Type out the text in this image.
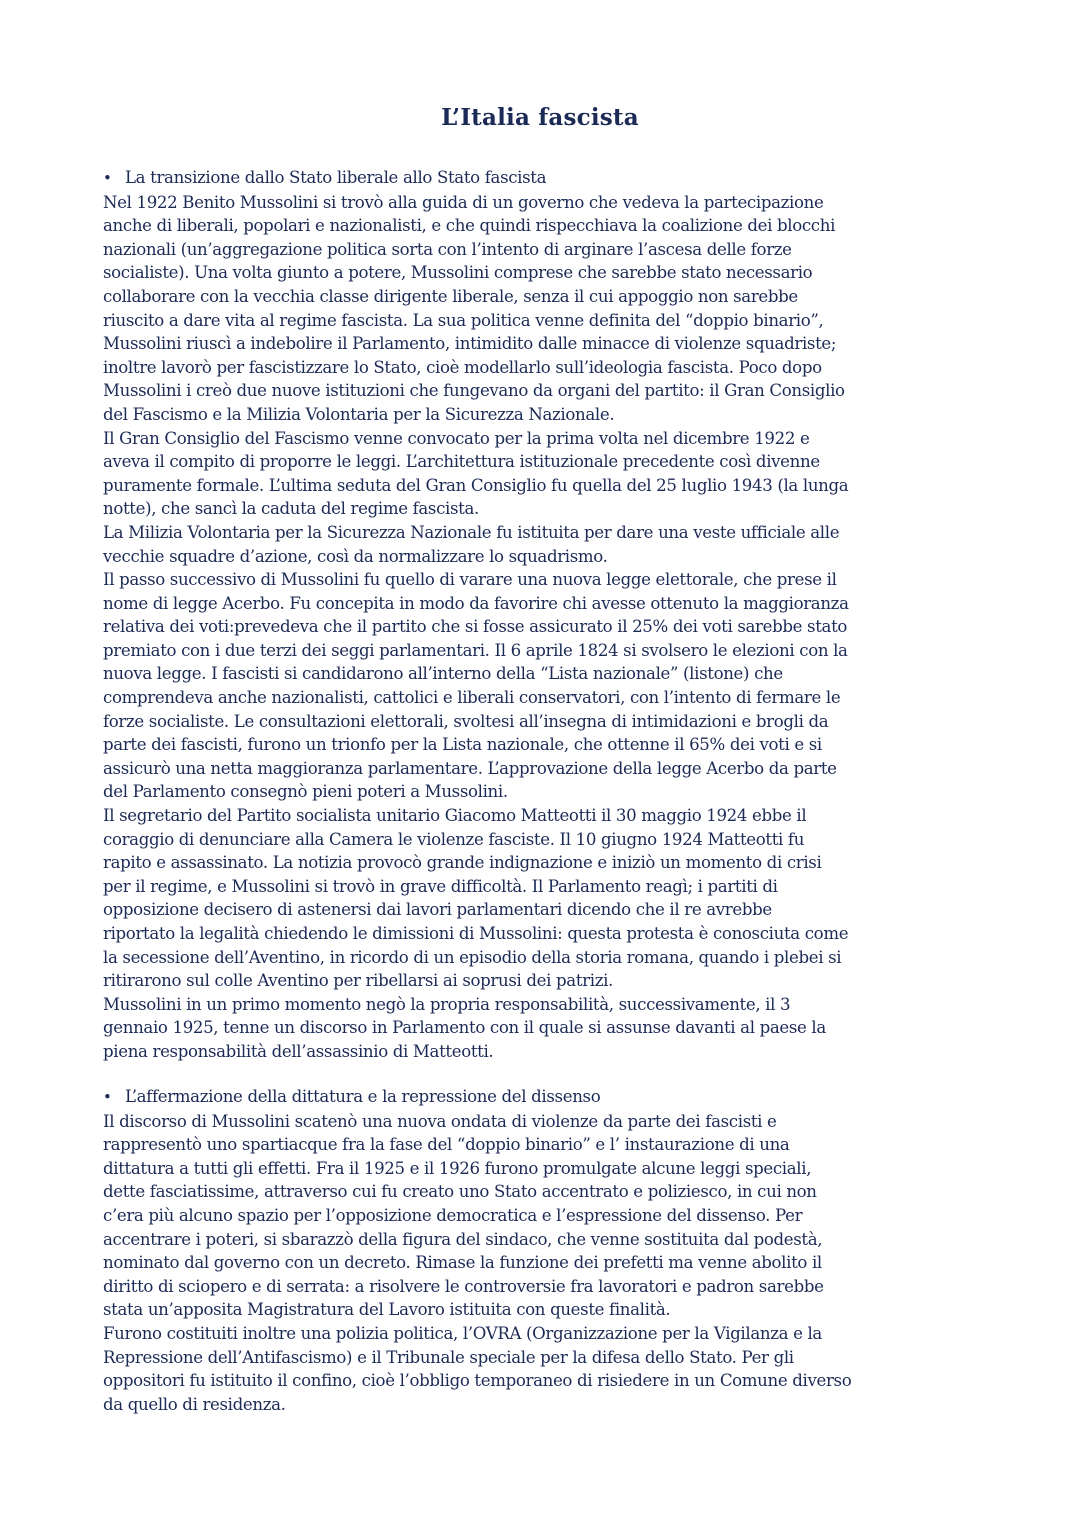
L’Italia fascista

• La transizione dallo Stato liberale allo Stato fascista

Nel 1922 Benito Mussolini si trovò alla guida di un governo che vedeva la partecipazione
anche di liberali, popolari e nazionalisti, e che quindi rispecchiava la coalizione dei blocchi
nazionali (un’aggregazione politica sorta con l’intento di arginare l’ascesa delle forze
socialiste). Una volta giunto a potere, Mussolini comprese che sarebbe stato necessario
collaborare con la vecchia classe dirigente liberale, senza il cui appoggio non sarebbe
riuscito a dare vita al regime fascista. La sua politica venne definita del “doppio binario”,
Mussolini riuscì a indebolire il Parlamento, intimidito dalle minacce di violenze squadriste;
inoltre lavorò per fascistizzare lo Stato, cioè modellarlo sull’ideologia fascista. Poco dopo
Mussolini i creò due nuove istituzioni che fungevano da organi del partito: il Gran Consiglio
del Fascismo e la Milizia Volontaria per la Sicurezza Nazionale.

Il Gran Consiglio del Fascismo venne convocato per la prima volta nel dicembre 1922 e
aveva il compito di proporre le leggi. L’architettura istituzionale precedente così divenne
puramente formale. L’ultima seduta del Gran Consiglio fu quella del 25 luglio 1943 (la lunga
notte), che sancì la caduta del regime fascista.

La Milizia Volontaria per la Sicurezza Nazionale fu istituita per dare una veste ufficiale alle
vecchie squadre d’azione, così da normalizzare lo squadrismo.

Il passo successivo di Mussolini fu quello di varare una nuova legge elettorale, che prese il
nome di legge Acerbo. Fu concepita in modo da favorire chi avesse ottenuto la maggioranza
relativa dei voti:prevedeva che il partito che si fosse assicurato il 25% dei voti sarebbe stato
premiato con i due terzi dei seggi parlamentari. Il 6 aprile 1824 si svolsero le elezioni con la
nuova legge. I fascisti si candidarono all’interno della “Lista nazionale” (listone) che
comprendeva anche nazionalisti, cattolici e liberali conservatori, con l’intento di fermare le
forze socialiste. Le consultazioni elettorali, svoltesi all’insegna di intimidazioni e brogli da
parte dei fascisti, furono un trionfo per la Lista nazionale, che ottenne il 65% dei voti e si
assicurò una netta maggioranza parlamentare. L’approvazione della legge Acerbo da parte
del Parlamento consegnò pieni poteri a Mussolini.

Il segretario del Partito socialista unitario Giacomo Matteotti il 30 maggio 1924 ebbe il
coraggio di denunciare alla Camera le violenze fasciste. Il 10 giugno 1924 Matteotti fu
rapito e assassinato. La notizia provocò grande indignazione e iniziò un momento di crisi
per il regime, e Mussolini si trovò in grave difficoltà. Il Parlamento reagì; i partiti di
opposizione decisero di astenersi dai lavori parlamentari dicendo che il re avrebbe
riportato la legalità chiedendo le dimissioni di Mussolini: questa protesta è conosciuta come
la secessione dell’Aventino, in ricordo di un episodio della storia romana, quando i plebei si
ritirarono sul colle Aventino per ribellarsi ai soprusi dei patrizi.

Mussolini in un primo momento negò la propria responsabilità, successivamente, il 3
gennaio 1925, tenne un discorso in Parlamento con il quale si assunse davanti al paese la
piena responsabilità dell’assassinio di Matteotti.

• L’affermazione della dittatura e la repressione del dissenso

Il discorso di Mussolini scatenò una nuova ondata di violenze da parte dei fascisti e
rappresentò uno spartiacque fra la fase del “doppio binario” e l’ instaurazione di una
dittatura a tutti gli effetti. Fra il 1925 e il 1926 furono promulgate alcune leggi speciali,
dette fasciatissime, attraverso cui fu creato uno Stato accentrato e poliziesco, in cui non
c’era più alcuno spazio per l’opposizione democratica e l’espressione del dissenso. Per
accentrare i poteri, si sbarazzò della figura del sindaco, che venne sostituita dal podestà,
nominato dal governo con un decreto. Rimase la funzione dei prefetti ma venne abolito il
diritto di sciopero e di serrata: a risolvere le controversie fra lavoratori e padron sarebbe
stata un’apposita Magistratura del Lavoro istituita con queste finalità.

Furono costituiti inoltre una polizia politica, l’OVRA (Organizzazione per la Vigilanza e la
Repressione dell’Antifascismo) e il Tribunale speciale per la difesa dello Stato. Per gli
oppositori fu istituito il confino, cioè l’obbligo temporaneo di risiedere in un Comune diverso
da quello di residenza.
